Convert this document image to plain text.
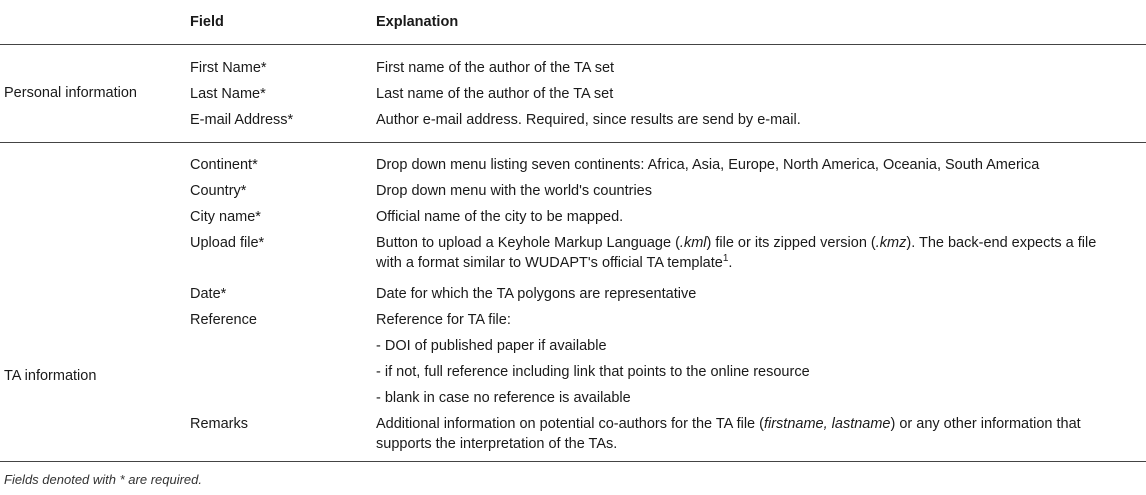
Field	Explanation
Personal information
First Name*	First name of the author of the TA set
Last Name*	Last name of the author of the TA set
E-mail Address*	Author e-mail address. Required, since results are send by e-mail.
TA information
Continent*	Drop down menu listing seven continents: Africa, Asia, Europe, North America, Oceania, South America
Country*	Drop down menu with the world's countries
City name*	Official name of the city to be mapped.
Upload file*	Button to upload a Keyhole Markup Language (.kml) file or its zipped version (.kmz). The back-end expects a file with a format similar to WUDAPT's official TA template$^1$.
Date*	Date for which the TA polygons are representative
Reference	Reference for TA file:
- DOI of published paper if available
- if not, full reference including link that points to the online resource
- blank in case no reference is available
Remarks	Additional information on potential co-authors for the TA file (firstname, lastname) or any other information that supports the interpretation of the TAs.
Fields denoted with * are required.
